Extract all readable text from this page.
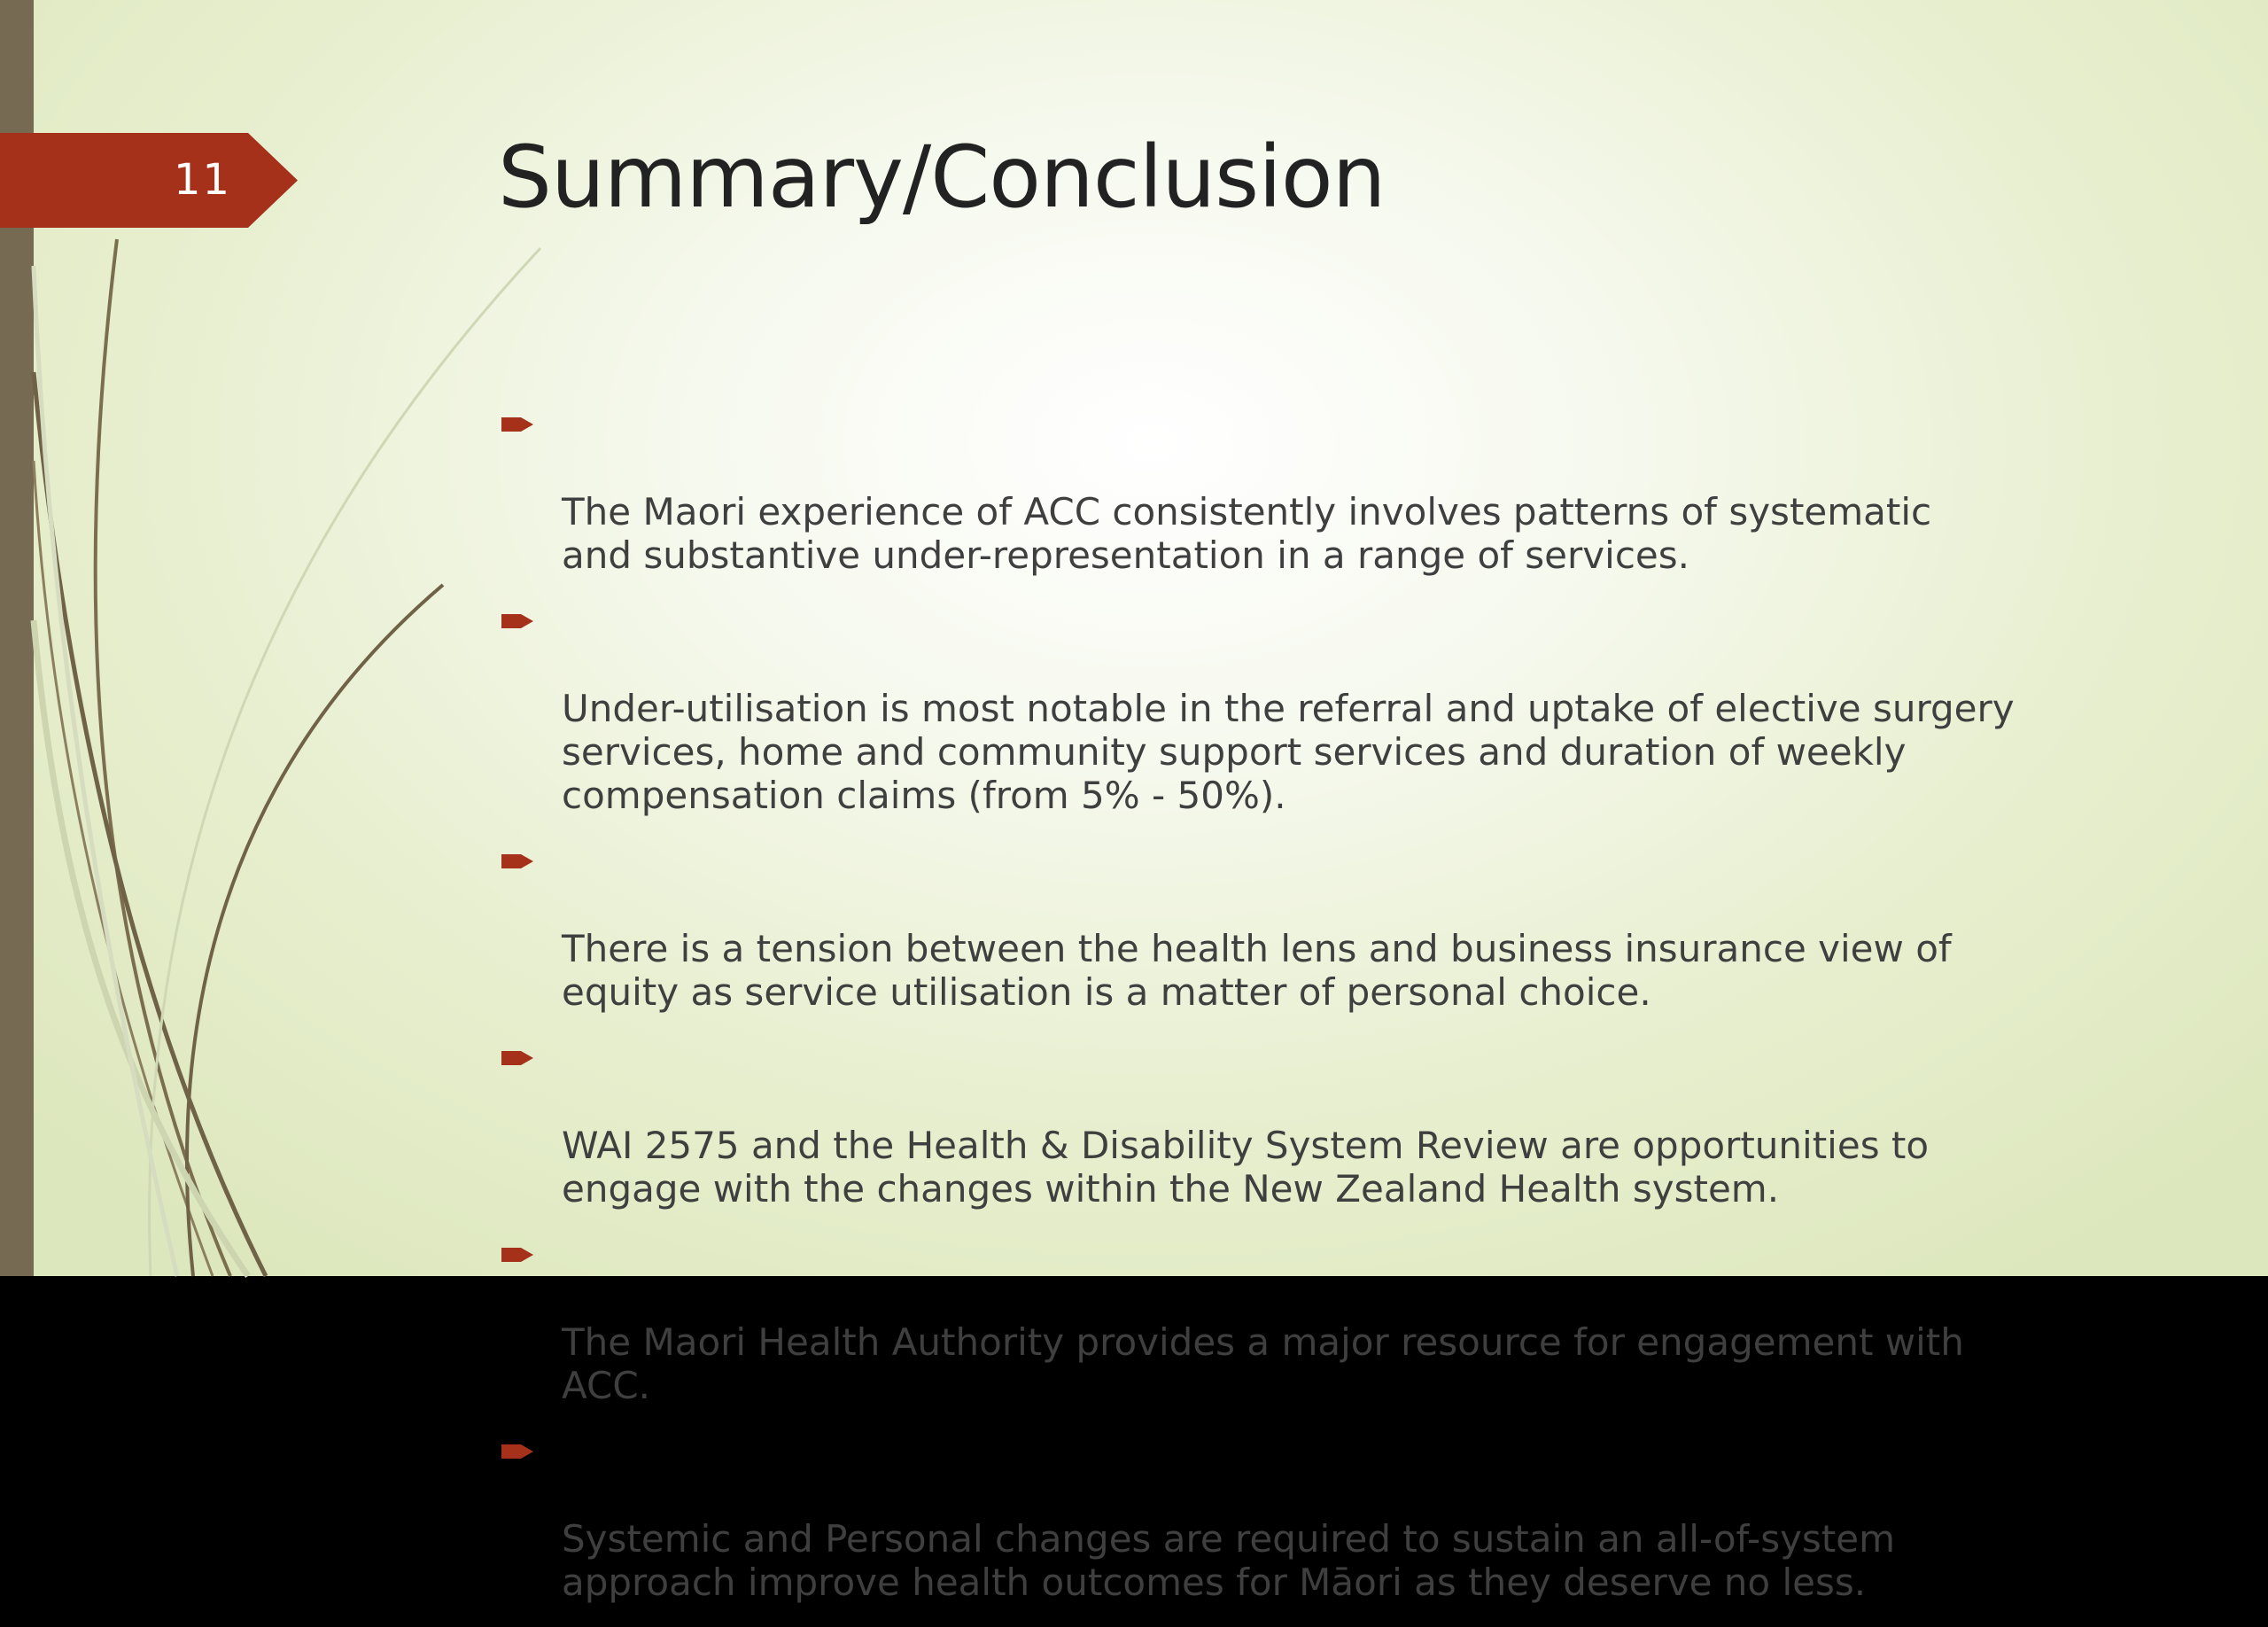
11	Summary/Conclusion

The Maori experience of ACC consistently involves patterns of systematic
and substantive under-representation in a range of services.

Under-utilisation is most notable in the referral and uptake of elective surgery
services, home and community support services and duration of weekly
compensation claims (from 5% - 50%).

There is a tension between the health lens and business insurance view of
equity as service utilisation is a matter of personal choice.

WAI 2575 and the Health & Disability System Review are opportunities to
engage with the changes within the New Zealand Health system.

The Maori Health Authority provides a major resource for engagement with
ACC.

Systemic and Personal changes are required to sustain an all-of-system
approach improve health outcomes for Māori as they deserve no less.
